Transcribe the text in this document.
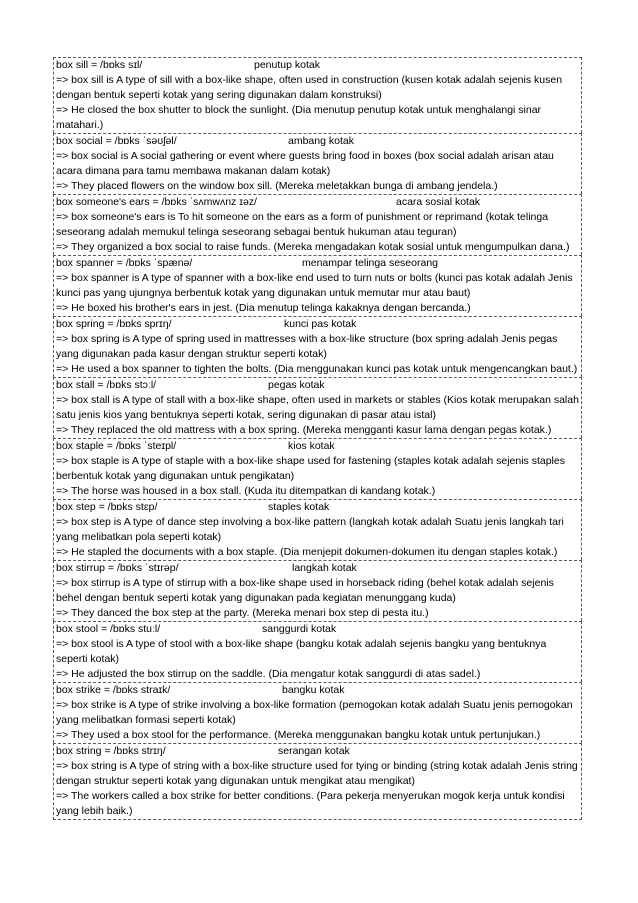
box sill = /bɒks sɪl/	penutup kotak
=> box sill is A type of sill with a box-like shape, often used in construction (kusen kotak adalah sejenis kusen dengan bentuk seperti kotak yang sering digunakan dalam konstruksi)
=> He closed the box shutter to block the sunlight. (Dia menutup penutup kotak untuk menghalangi sinar matahari.)
box social = /bɒks ˈsəʊʃəl/	ambang kotak
=> box social is A social gathering or event where guests bring food in boxes (box social adalah arisan atau acara dimana para tamu membawa makanan dalam kotak)
=> They placed flowers on the window box sill. (Mereka meletakkan bunga di ambang jendela.)
box someone's ears = /bɒks ˈsʌmwʌnz ɪəz/	acara sosial kotak
=> box someone's ears is To hit someone on the ears as a form of punishment or reprimand (kotak telinga seseorang adalah memukul telinga seseorang sebagai bentuk hukuman atau teguran)
=> They organized a box social to raise funds. (Mereka mengadakan kotak sosial untuk mengumpulkan dana.)
box spanner = /bɒks ˈspænə/	menampar telinga seseorang
=> box spanner is A type of spanner with a box-like end used to turn nuts or bolts (kunci pas kotak adalah Jenis kunci pas yang ujungnya berbentuk kotak yang digunakan untuk memutar mur atau baut)
=> He boxed his brother's ears in jest. (Dia menutup telinga kakaknya dengan bercanda.)
box spring = /bɒks sprɪŋ/	kunci pas kotak
=> box spring is A type of spring used in mattresses with a box-like structure (box spring adalah Jenis pegas yang digunakan pada kasur dengan struktur seperti kotak)
=> He used a box spanner to tighten the bolts. (Dia menggunakan kunci pas kotak untuk mengencangkan baut.)
box stall = /bɒks stɔːl/	pegas kotak
=> box stall is A type of stall with a box-like shape, often used in markets or stables (Kios kotak merupakan salah satu jenis kios yang bentuknya seperti kotak, sering digunakan di pasar atau istal)
=> They replaced the old mattress with a box spring. (Mereka mengganti kasur lama dengan pegas kotak.)
box staple = /bɒks ˈsteɪpl/	kios kotak
=> box staple is A type of staple with a box-like shape used for fastening (staples kotak adalah sejenis staples berbentuk kotak yang digunakan untuk pengikatan)
=> The horse was housed in a box stall. (Kuda itu ditempatkan di kandang kotak.)
box step = /bɒks stɛp/	staples kotak
=> box step is A type of dance step involving a box-like pattern (langkah kotak adalah Suatu jenis langkah tari yang melibatkan pola seperti kotak)
=> He stapled the documents with a box staple. (Dia menjepit dokumen-dokumen itu dengan staples kotak.)
box stirrup = /bɒks ˈstɪrəp/	langkah kotak
=> box stirrup is A type of stirrup with a box-like shape used in horseback riding (behel kotak adalah sejenis behel dengan bentuk seperti kotak yang digunakan pada kegiatan menunggang kuda)
=> They danced the box step at the party. (Mereka menari box step di pesta itu.)
box stool = /bɒks stuːl/	sanggurdi kotak
=> box stool is A type of stool with a box-like shape (bangku kotak adalah sejenis bangku yang bentuknya seperti kotak)
=> He adjusted the box stirrup on the saddle. (Dia mengatur kotak sanggurdi di atas sadel.)
box strike = /bɒks straɪk/	bangku kotak
=> box strike is A type of strike involving a box-like formation (pemogokan kotak adalah Suatu jenis pemogokan yang melibatkan formasi seperti kotak)
=> They used a box stool for the performance. (Mereka menggunakan bangku kotak untuk pertunjukan.)
box string = /bɒks strɪŋ/	serangan kotak
=> box string is A type of string with a box-like structure used for tying or binding (string kotak adalah Jenis string dengan struktur seperti kotak yang digunakan untuk mengikat atau mengikat)
=> The workers called a box strike for better conditions. (Para pekerja menyerukan mogok kerja untuk kondisi yang lebih baik.)
